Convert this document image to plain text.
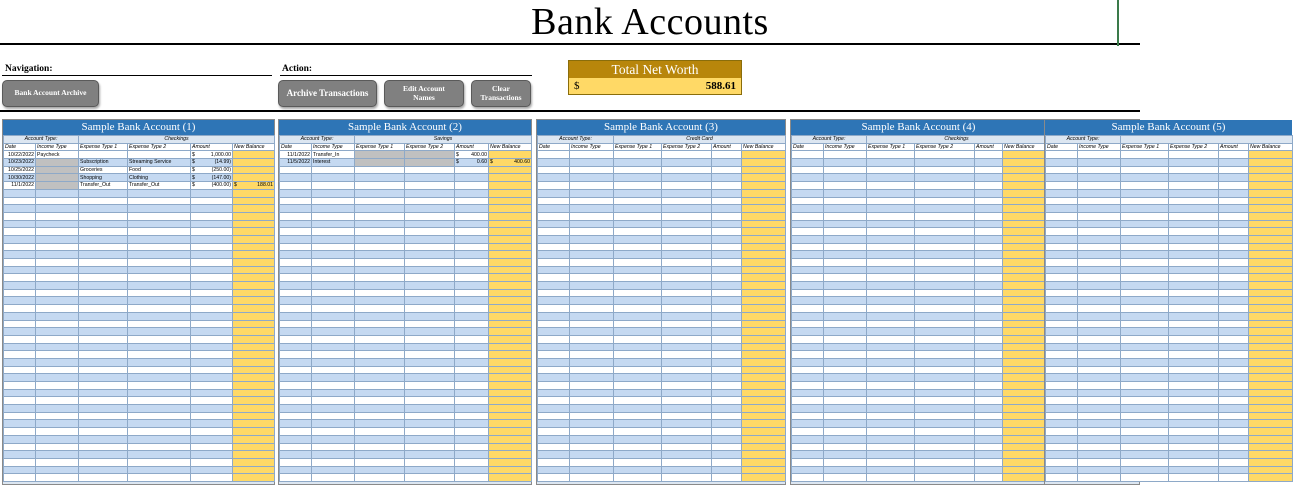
Bank Accounts
Navigation:
Bank Account Archive
Action:
Archive Transactions	Edit Account Names
Clear Transactions
Total Net Worth
$	588.61
Sample Bank Account (1)
Account Type:		Checkings			
Date	Income Type	Expense Type 1	Expense Type 2	Amount	New Balance
10/22/2022	Paycheck			$ 1,000.00	

10/23/2022		Subscription	Streaming Service	$ (14.99)	

10/25/2022		Groceries	Food	$ (250.00)	

10/30/2022		Shopping	Clothing	$ (147.00)	

11/1/2022		Transfer_Out	Transfer_Out	$ (400.00)	$ 188.01

Sample Bank Account (2)
Account Type:		Savings			
Date	Income Type	Expense Type 1	Expense Type 2	Amount	New Balance
11/1/2022	Transfer_In			$ 400.00	

11/5/2022	Interest			$ 0.60	$ 400.60

Sample Bank Account (3)
Account Type:		Credit Card			
Date	Income Type	Expense Type 1	Expense Type 2	Amount	New Balance

Sample Bank Account (4)
Account Type:		Checkings			
Date	Income Type	Expense Type 1	Expense Type 2	Amount	New Balance

Sample Bank Account (5)
Account Type:					
Date	Income Type	Expense Type 1	Expense Type 2	Amount	New Balance
